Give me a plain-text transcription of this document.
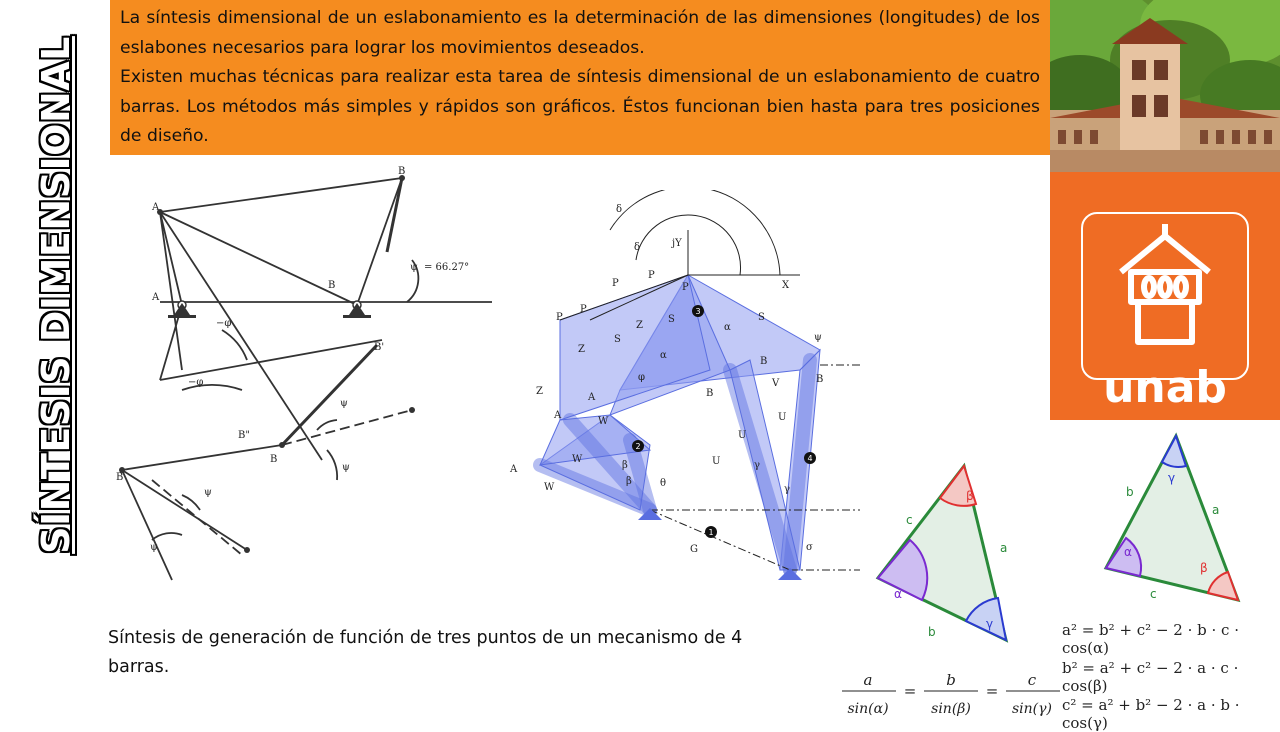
SÍNTESIS DIMENSIONAL

La síntesis dimensional de un eslabonamiento es la determinación de las dimensiones (longitudes) de los eslabones necesarios para lograr los movimientos deseados.

Existen muchas técnicas para realizar esta tarea de síntesis dimensional de un eslabonamiento de cuatro barras. Los métodos más simples y rápidos son gráficos. Éstos funcionan bien hasta para tres posiciones de diseño.

unab
A
B
A
B
B'
B"
B
B
ψ = 66.27°
−φ
−φ
ψ
ψ
ψ
ψ
1
2
3
4
X
jY
P
P
P
P
P
δ
δ
S
S
S
Z
Z
Z
A
A
A
B
B
B
W
W
W
U
U
U
V
G
α
α
β
β
γ
γ
φ
θ
σ
ψ
Síntesis de generación de función de tres puntos de un mecanismo de 4 barras.
β
α
γ
c
a
b
γ
α
β
b
a
c
a² = b² + c² − 2 · b · c · cos(α)
b² = a² + c² − 2 · a · c · cos(β)
c² = a² + b² − 2 · a · b · cos(γ)
a
sin(α)
=
b
sin(β)
=
c
sin(γ)
